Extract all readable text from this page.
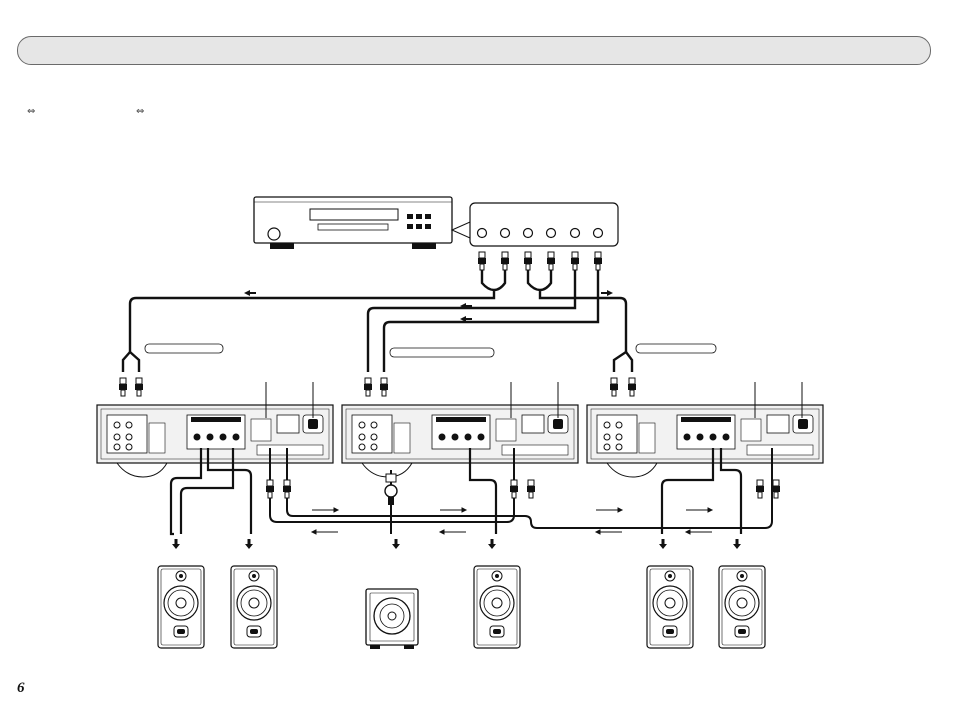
⇔	⇔
6
